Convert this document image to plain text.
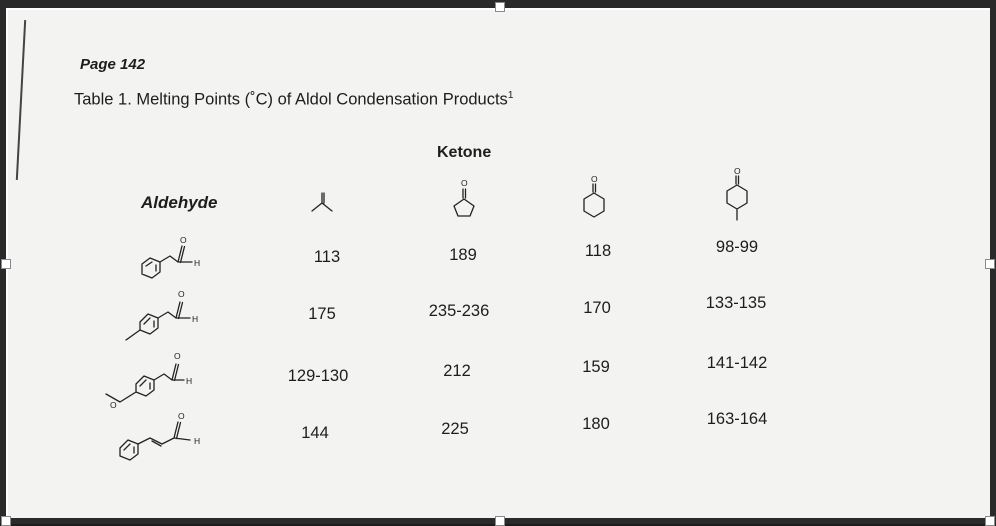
Page 142
Table 1. Melting Points (˚C) of Aldol Condensation Products$^1$
Ketone
Aldehyde
O	O
O
O
H
O
H
O
H
O
O
H
113	189	118	98-99
175	235-236	170	133-135
129-130	212	159	141-142
144	225	180	163-164
